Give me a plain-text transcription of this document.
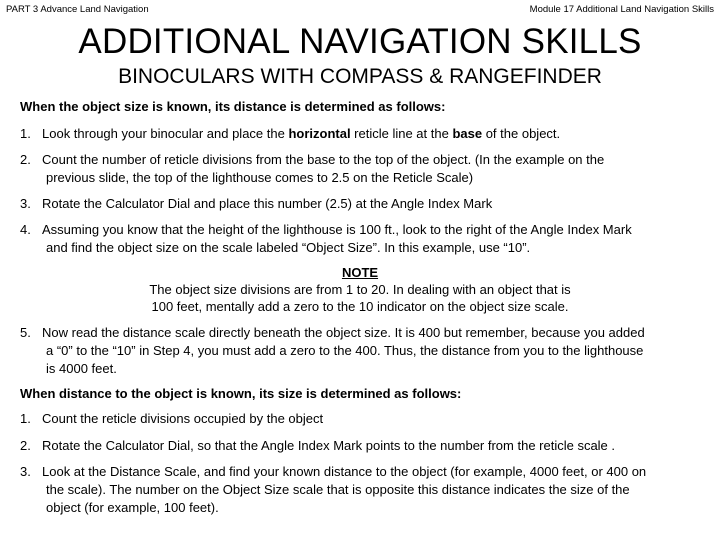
PART 3 Advance Land Navigation	Module 17 Additional Land Navigation Skills
ADDITIONAL NAVIGATION SKILLS
BINOCULARS WITH COMPASS & RANGEFINDER
When the object size is known, its distance is determined as follows:
1. Look through your binocular and place the horizontal reticle line at the base of the object.
2. Count the number of reticle divisions from the base to the top of the object. (In the example on the
previous slide, the top of the lighthouse comes to 2.5 on the Reticle Scale)
3. Rotate the Calculator Dial and place this number (2.5) at the Angle Index Mark
4. Assuming you know that the height of the lighthouse is 100 ft., look to the right of the Angle Index Mark
and find the object size on the scale labeled “Object Size”. In this example, use “10”.
NOTE
The object size divisions are from 1 to 20. In dealing with an object that is
100 feet, mentally add a zero to the 10 indicator on the object size scale.
5. Now read the distance scale directly beneath the object size. It is 400 but remember, because you added
a “0” to the “10” in Step 4, you must add a zero to the 400. Thus, the distance from you to the lighthouse
is 4000 feet.
When distance to the object is known, its size is determined as follows:
1. Count the reticle divisions occupied by the object
2. Rotate the Calculator Dial, so that the Angle Index Mark points to the number from the reticle scale .
3. Look at the Distance Scale, and find your known distance to the object (for example, 4000 feet, or 400 on
the scale). The number on the Object Size scale that is opposite this distance indicates the size of the
object (for example, 100 feet).
